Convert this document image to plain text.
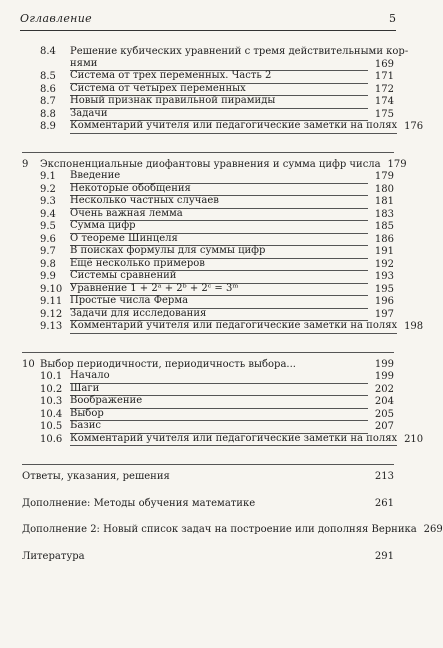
Оглавление	5
8.4	Решение кубических уравнений с тремя действительными кор-
нями	169
8.5	Система от трех переменных. Часть 2	171
8.6	Система от четырех переменных	172
8.7	Новый признак правильной пирамиды	174
8.8	Задачи	175
8.9	Комментарий учителя или педагогические заметки на полях 176
9	Экспоненциальные диофантовы уравнения и сумма цифр числа 179
9.1	Введение	179
9.2	Некоторые обобщения	180
9.3	Несколько частных случаев	181
9.4	Очень важная лемма	183
9.5	Сумма цифр	185
9.6	О теореме Шинцеля	186
9.7	В поисках формулы для суммы цифр	191
9.8	Ещё несколько примеров	192
9.9	Системы сравнений	193
9.10 Уравнение 1 + 2ᵃ + 2ᵇ + 2ᶜ = 3ᵐ	195
9.11 Простые числа Ферма	196
9.12 Задачи для исследования	197
9.13 Комментарий учителя или педагогические заметки на полях 198
10 Выбор периодичности, периодичность выбора...	199
10.1 Начало	199
10.2 Шаги	202
10.3 Воображение	204
10.4 Выбор	205
10.5 Базис	207
10.6 Комментарий учителя или педагогические заметки на полях 210
Ответы, указания, решения	213
Дополнение: Методы обучения математике	261
Дополнение 2: Новый список задач на построение или дополняя Верника 269
Литература	291
